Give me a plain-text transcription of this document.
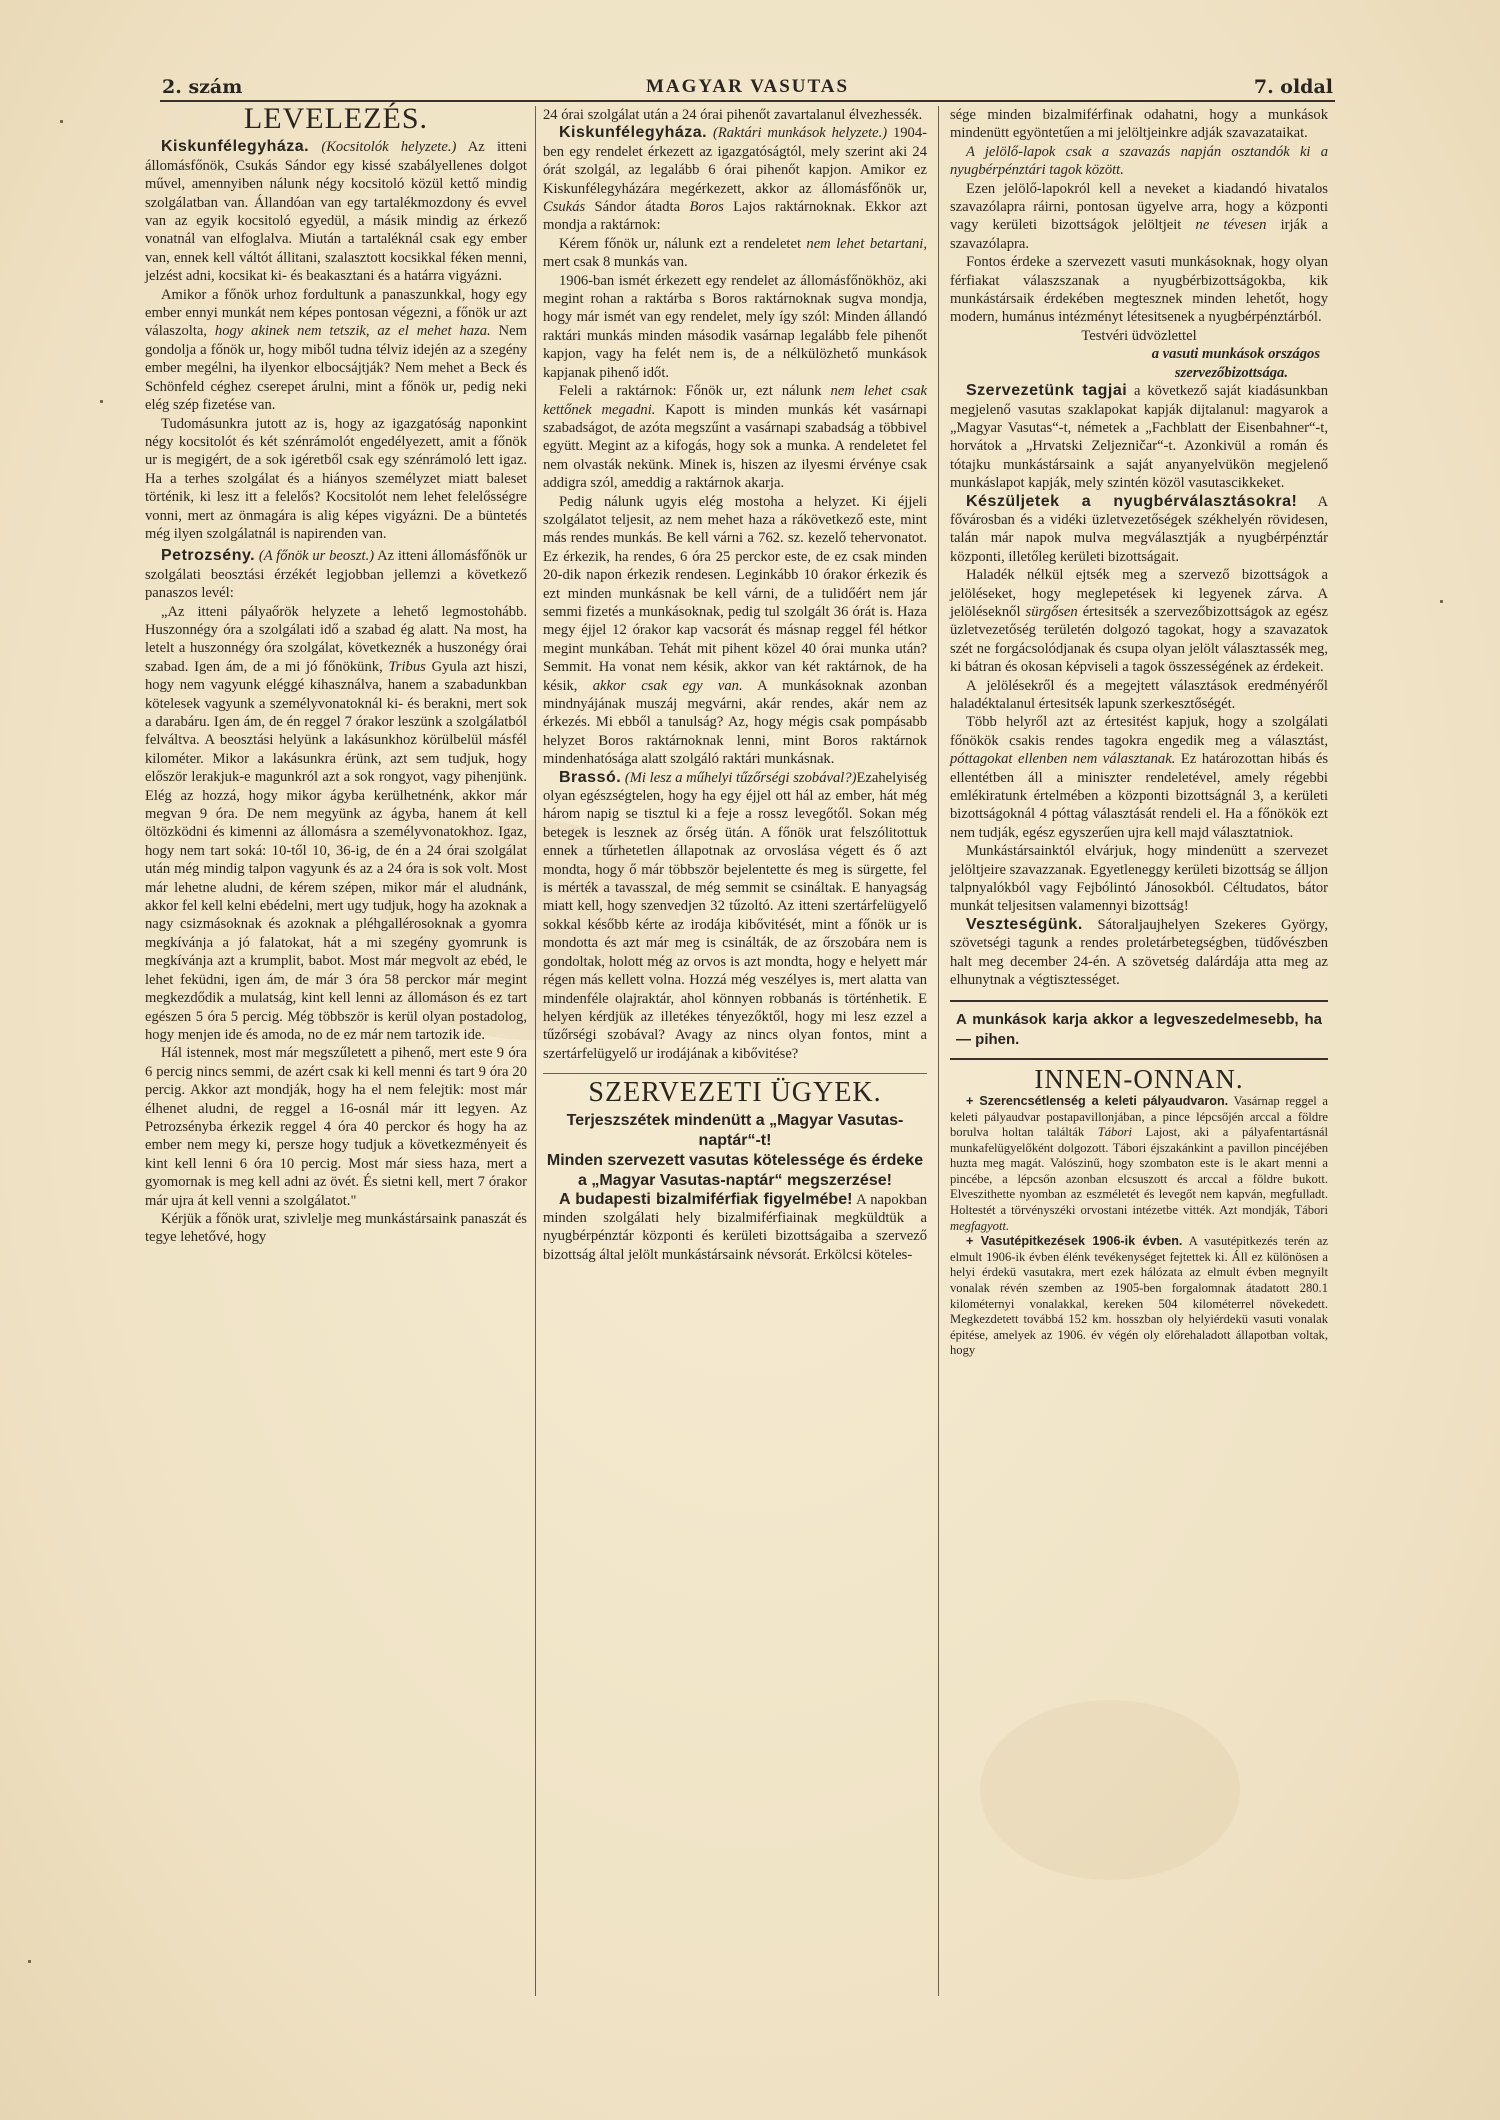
2. szám	MAGYAR VASUTAS	7. oldal
LEVELEZÉS.

Kiskunfélegyháza. (Kocsitolók helyzete.) Az itteni állomásfőnök, Csukás Sándor egy kissé szabályellenes dolgot művel, amennyiben nálunk négy kocsitoló közül kettő mindig szolgálatban van. Állandóan van egy tartalékmozdony és evvel van az egyik kocsitoló egyedül, a másik mindig az érkező vonatnál van elfoglalva. Miután a tartaléknál csak egy ember van, ennek kell váltót állitani, szalasztott kocsikkal féken menni, jelzést adni, kocsikat ki- és beakasztani és a határra vigyázni.

Amikor a főnök urhoz fordultunk a panaszunkkal, hogy egy ember ennyi munkát nem képes pontosan végezni, a főnök ur azt válaszolta, hogy akinek nem tetszik, az el mehet haza. Nem gondolja a főnök ur, hogy miből tudna télviz idején az a szegény ember megélni, ha ilyenkor elbocsájtják? Nem mehet a Beck és Schönfeld céghez cserepet árulni, mint a főnök ur, pedig neki elég szép fizetése van.

Tudomásunkra jutott az is, hogy az igazgatóság naponkint négy kocsitolót és két szénrámolót engedélyezett, amit a főnök ur is megigért, de a sok igéretből csak egy szénrámoló lett igaz. Ha a terhes szolgálat és a hiányos személyzet miatt baleset történik, ki lesz itt a felelős? Kocsitolót nem lehet felelősségre vonni, mert az önmagára is alig képes vigyázni. De a büntetés még ilyen szolgálatnál is napirenden van.

Petrozsény. (A főnök ur beoszt.) Az itteni állomásfőnök ur szolgálati beosztási érzékét legjobban jellemzi a következő panaszos levél:

„Az itteni pályaőrök helyzete a lehető legmostohább. Huszonnégy óra a szolgálati idő a szabad ég alatt. Na most, ha letelt a huszonnégy óra szolgálat, következnék a huszonégy órai szabad. Igen ám, de a mi jó főnökünk, Tribus Gyula azt hiszi, hogy nem vagyunk eléggé kihasználva, hanem a szabadunkban kötelesek vagyunk a személyvonatoknál ki- és berakni, mert sok a darabáru. Igen ám, de én reggel 7 órakor leszünk a szolgálatból felváltva. A beosztási helyünk a lakásunkhoz körülbelül másfél kilométer. Mikor a lakásunkra érünk, azt sem tudjuk, hogy először lerakjuk-e magunkról azt a sok rongyot, vagy pihenjünk. Elég az hozzá, hogy mikor ágyba kerülhetnénk, akkor már megvan 9 óra. De nem megyünk az ágyba, hanem át kell öltözködni és kimenni az állomásra a személyvonatokhoz. Igaz, hogy nem tart soká: 10-től 10, 36-ig, de én a 24 órai szolgálat után még mindig talpon vagyunk és az a 24 óra is sok volt. Most már lehetne aludni, de kérem szépen, mikor már el aludnánk, akkor fel kell kelni ebédelni, mert ugy tudjuk, hogy ha azoknak a nagy csizmásoknak és azoknak a pléhgallérosoknak a gyomra megkívánja a jó falatokat, hát a mi szegény gyomrunk is megkívánja azt a krumplit, babot. Most már megvolt az ebéd, le lehet feküdni, igen ám, de már 3 óra 58 perckor már megint megkezdődik a mulatság, kint kell lenni az állomáson és ez tart egészen 5 óra 5 percig. Még többször is kerül olyan postadolog, hogy menjen ide és amoda, no de ez már nem tartozik ide.

Hál istennek, most már megszűletett a pihenő, mert este 9 óra 6 percig nincs semmi, de azért csak ki kell menni és tart 9 óra 20 percig. Akkor azt mondják, hogy ha el nem felejtik: most már élhenet aludni, de reggel a 16-osnál már itt legyen. Az Petrozsényba érkezik reggel 4 óra 40 perckor és hogy ha az ember nem megy ki, persze hogy tudjuk a következményeit és kint kell lenni 6 óra 10 percig. Most már siess haza, mert a gyomornak is meg kell adni az övét. És sietni kell, mert 7 órakor már ujra át kell venni a szolgálatot."

Kérjük a főnök urat, szivlelje meg munkástársaink panaszát és tegye lehetővé, hogy

24 órai szolgálat után a 24 órai pihenőt zavartalanul élvezhessék.

Kiskunfélegyháza. (Raktári munkások helyzete.) 1904-ben egy rendelet érkezett az igazgatóságtól, mely szerint aki 24 órát szolgál, az legalább 6 órai pihenőt kapjon. Amikor ez Kiskunfélegyházára megérkezett, akkor az állomásfőnök ur, Csukás Sándor átadta Boros Lajos raktárnoknak. Ekkor azt mondja a raktárnok:

Kérem főnök ur, nálunk ezt a rendeletet nem lehet betartani, mert csak 8 munkás van.

1906-ban ismét érkezett egy rendelet az állomásfőnökhöz, aki megint rohan a raktárba s Boros raktárnoknak sugva mondja, hogy már ismét van egy rendelet, mely így szól: Minden állandó raktári munkás minden második vasárnap legalább fele pihenőt kapjon, vagy ha felét nem is, de a nélkülözhető munkások kapjanak pihenő időt.

Feleli a raktárnok: Főnök ur, ezt nálunk nem lehet csak kettőnek megadni. Kapott is minden munkás két vasárnapi szabadságot, de azóta megszűnt a vasárnapi szabadság a többivel együtt. Megint az a kifogás, hogy sok a munka. A rendeletet fel nem olvasták nekünk. Minek is, hiszen az ilyesmi érvénye csak addigra szól, ameddig a raktárnok akarja.

Pedig nálunk ugyis elég mostoha a helyzet. Ki éjjeli szolgálatot teljesit, az nem mehet haza a rákövetkező este, mint más rendes munkás. Be kell várni a 762. sz. kezelő tehervonatot. Ez érkezik, ha rendes, 6 óra 25 perckor este, de ez csak minden 20-dik napon érkezik rendesen. Leginkább 10 órakor érkezik és ezt minden munkásnak be kell várni, de a tulidőért nem jár semmi fizetés a munkásoknak, pedig tul szolgált 36 órát is. Haza megy éjjel 12 órakor kap vacsorát és másnap reggel fél hétkor megint munkában. Tehát mit pihent közel 40 órai munka után? Semmit. Ha vonat nem késik, akkor van két raktárnok, de ha késik, akkor csak egy van. A munkásoknak azonban mindnyájának muszáj megvárni, akár rendes, akár nem az érkezés. Mi ebből a tanulság? Az, hogy mégis csak pompásabb helyzet Boros raktárnoknak lenni, mint Boros raktárnok mindenhatósága alatt szolgáló raktári munkásnak.

Brassó. (Mi lesz a műhelyi tűzőrségi szobával?)Ezahelyiség olyan egészségtelen, hogy ha egy éjjel ott hál az ember, hát még három napig se tisztul ki a feje a rossz levegőtől. Sokan még betegek is lesznek az őrség ütán. A főnök urat felszólitottuk ennek a tűrhetetlen állapotnak az orvoslása végett és ő azt mondta, hogy ő már többször bejelentette és meg is sürgette, fel is mérték a tavasszal, de még semmit se csináltak. E hanyagság miatt kell, hogy szenvedjen 32 tűzoltó. Az itteni szertárfelügyelő sokkal később kérte az irodája kibővitését, mint a főnök ur is mondotta és azt már meg is csinálták, de az őrszobára nem is gondoltak, holott még az orvos is azt mondta, hogy e helyett már régen más kellett volna. Hozzá még veszélyes is, mert alatta van mindenféle olajraktár, ahol könnyen robbanás is történhetik. E helyen kérdjük az illetékes tényezőktől, hogy mi lesz ezzel a tűzőrségi szobával? Avagy az nincs olyan fontos, mint a szertárfelügyelő ur irodájának a kibővitése?

SZERVEZETI ÜGYEK.

Terjeszszétek mindenütt a „Magyar Vasutas-naptár“-t!

Minden szervezett vasutas kötelessége és érdeke a „Magyar Vasutas-naptár“ megszerzése!

A budapesti bizalmiférfiak figyelmébe! A napokban minden szolgálati hely bizalmiférfiainak megküldtük a nyugbérpénztár központi és kerületi bizottságaiba a szervező bizottság által jelölt munkástársaink névsorát. Erkölcsi köteles-

sége minden bizalmiférfinak odahatni, hogy a munkások mindenütt egyöntetűen a mi jelöltjeinkre adják szavazataikat.

A jelölő-lapok csak a szavazás napján osztandók ki a nyugbérpénztári tagok között.

Ezen jelölő-lapokról kell a neveket a kiadandó hivatalos szavazólapra ráirni, pontosan ügyelve arra, hogy a központi vagy kerületi bizottságok jelöltjeit ne tévesen irják a szavazólapra.

Fontos érdeke a szervezett vasuti munkásoknak, hogy olyan férfiakat válaszszanak a nyugbérbizottságokba, kik munkástársaik érdekében megtesznek minden lehetőt, hogy modern, humánus intézményt létesitsenek a nyugbérpénztárból.

Testvéri üdvözlettel

a vasuti munkások országos

szervezőbizottsága.

Szervezetünk tagjai a következő saját kiadásunkban megjelenő vasutas szaklapokat kapják dijtalanul: magyarok a „Magyar Vasutas“-t, németek a „Fachblatt der Eisenbahner“-t, horvátok a „Hrvatski Zeljezničar“-t. Azonkivül a román és tótajku munkástársaink a saját anyanyelvükön megjelenő munkáslapot kapják, mely szintén közöl vasutascikkeket.

Készüljetek a nyugbérválasztásokra! A fővárosban és a vidéki üzletvezetőségek székhelyén rövidesen, talán már napok mulva megválasztják a nyugbérpénztár központi, illetőleg kerületi bizottságait.

Haladék nélkül ejtsék meg a szervező bizottságok a jelöléseket, hogy meglepetések ki legyenek zárva. A jelöléseknől sürgősen értesitsék a szervezőbizottságok az egész üzletvezetőség területén dolgozó tagokat, hogy a szavazatok szét ne forgácsolódjanak és csupa olyan jelölt választassék meg, ki bátran és okosan képviseli a tagok összességének az érdekeit.

A jelölésekről és a megejtett választások eredményéről haladéktalanul értesitsék lapunk szerkesztőségét.

Több helyről azt az értesitést kapjuk, hogy a szolgálati főnökök csakis rendes tagokra engedik meg a választást, póttagokat ellenben nem választanak. Ez határozottan hibás és ellentétben áll a miniszter rendeletével, amely régebbi emlékiratunk értelmében a központi bizottságnál 3, a kerületi bizottságoknál 4 póttag választását rendeli el. Ha a főnökök ezt nem tudják, egész egyszerűen ujra kell majd választatniok.

Munkástársainktól elvárjuk, hogy mindenütt a szervezet jelöltjeire szavazzanak. Egyetleneggy kerületi bizottság se álljon talpnyalókból vagy Fejbólintó Jánosokból. Céltudatos, bátor munkát teljesitsen valamennyi bizottság!

Veszteségünk. Sátoraljaujhelyen Szekeres György, szövetségi tagunk a rendes proletárbetegségben, tüdővészben halt meg december 24-én. A szövetség dalárdája atta meg az elhunytnak a végtisztességet.

A munkások karja akkor a legveszedelmesebb, ha — pihen.
INNEN-ONNAN.

+ Szerencsétlenség a keleti pályaudvaron. Vasárnap reggel a keleti pályaudvar postapavillonjában, a pince lépcsőjén arccal a földre borulva holtan találták Tábori Lajost, aki a pályafentartásnál munkafelügyelőként dolgozott. Tábori éjszakánkint a pavillon pincéjében huzta meg magát. Valószinű, hogy szombaton este is le akart menni a pincébe, a lépcsőn azonban elcsuszott és arccal a földre bukott. Elveszithette nyomban az eszméletét és levegőt nem kapván, megfulladt. Holtestét a törvényszéki orvostani intézetbe vitték. Azt mondják, Tábori megfagyott.

+ Vasutépitkezések 1906-ik évben. A vasutépitkezés terén az elmult 1906-ik évben élénk tevékenységet fejtettek ki. Áll ez különösen a helyi érdekü vasutakra, mert ezek hálózata az elmult évben megnyilt vonalak révén szemben az 1905-ben forgalomnak átadatott 280.1 kilométernyi vonalakkal, kereken 504 kilométerrel növekedett. Megkezdetett továbbá 152 km. hosszban oly helyiérdekü vasuti vonalak épitése, amelyek az 1906. év végén oly előrehaladott állapotban voltak, hogy
